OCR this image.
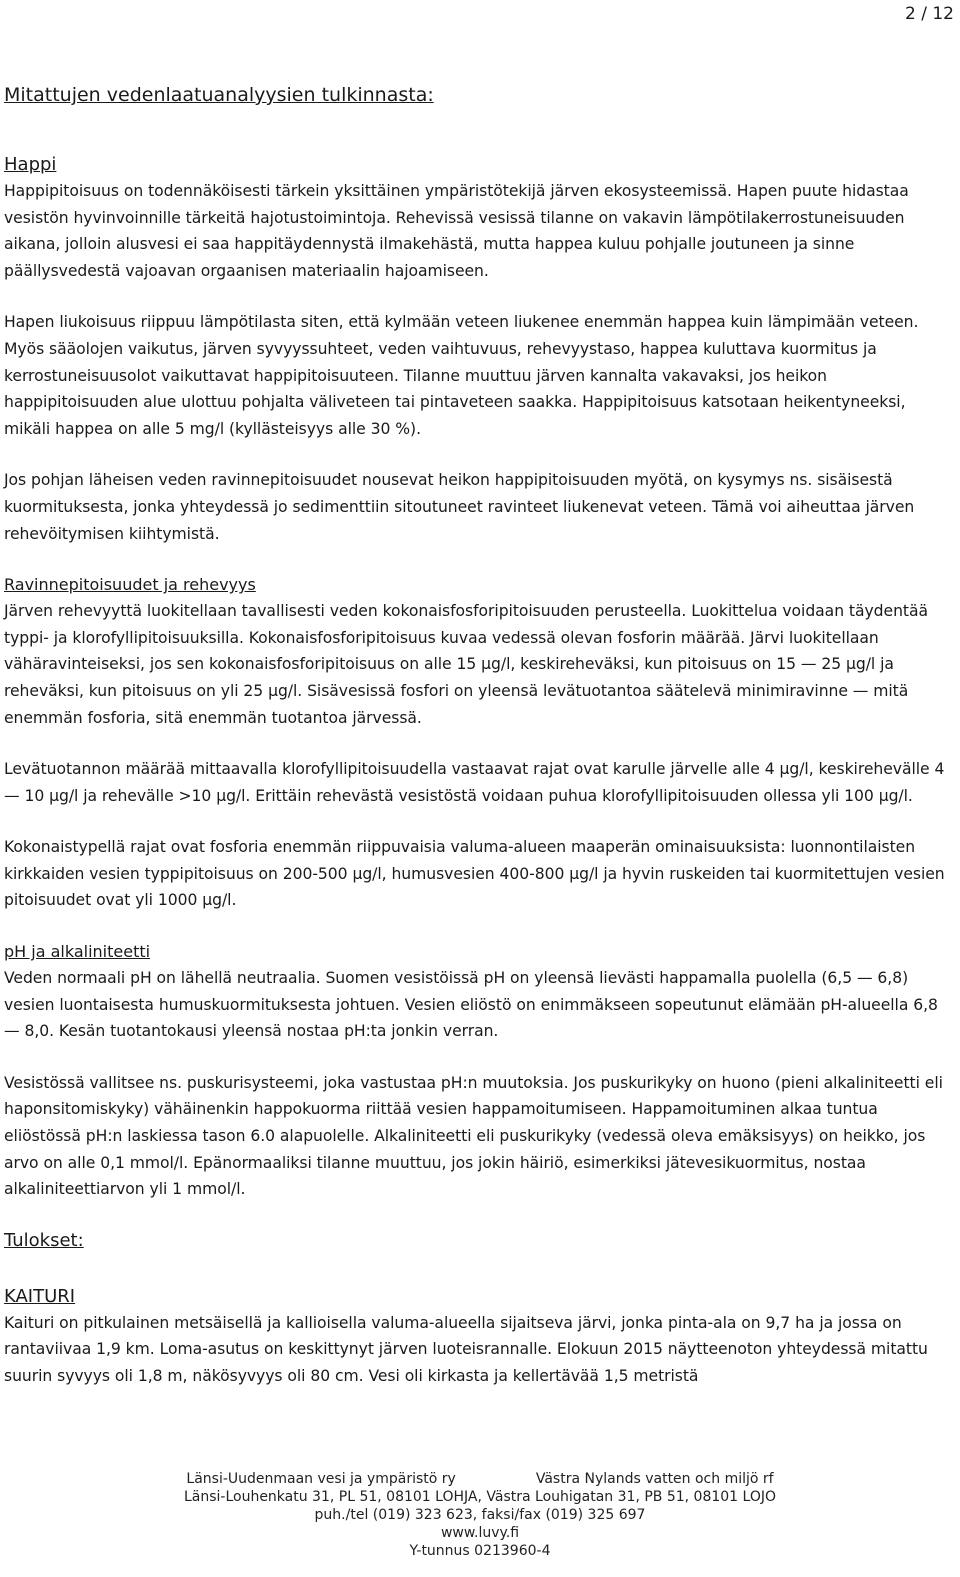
2 / 12
Mitattujen vedenlaatuanalyysien tulkinnasta:
Happi

Happipitoisuus on todennäköisesti tärkein yksittäinen ympäristötekijä järven ekosysteemissä. Hapen puute hidastaa vesistön hyvinvoinnille tärkeitä hajotustoimintoja. Rehevissä vesissä tilanne on vakavin lämpötilakerrostuneisuuden aikana, jolloin alusvesi ei saa happitäydennystä ilmakehästä, mutta happea kuluu pohjalle joutuneen ja sinne päällysvedestä vajoavan orgaanisen materiaalin hajoamiseen.

Hapen liukoisuus riippuu lämpötilasta siten, että kylmään veteen liukenee enemmän happea kuin lämpimään veteen. Myös sääolojen vaikutus, järven syvyyssuhteet, veden vaihtuvuus, rehevyystaso, happea kuluttava kuormitus ja kerrostuneisuusolot vaikuttavat happipitoisuuteen. Tilanne muuttuu järven kannalta vakavaksi, jos heikon happipitoisuuden alue ulottuu pohjalta väliveteen tai pintaveteen saakka. Happipitoisuus katsotaan heikentyneeksi, mikäli happea on alle 5 mg/l (kyllästeisyys alle 30 %).

Jos pohjan läheisen veden ravinnepitoisuudet nousevat heikon happipitoisuuden myötä, on kysymys ns. sisäisestä kuormituksesta, jonka yhteydessä jo sedimenttiin sitoutuneet ravinteet liukenevat veteen. Tämä voi aiheuttaa järven rehevöitymisen kiihtymistä.

Ravinnepitoisuudet ja rehevyys

Järven rehevyyttä luokitellaan tavallisesti veden kokonaisfosforipitoisuuden perusteella. Luokittelua voidaan täydentää typpi- ja klorofyllipitoisuuksilla. Kokonaisfosforipitoisuus kuvaa vedessä olevan fosforin määrää. Järvi luokitellaan vähäravinteiseksi, jos sen kokonaisfosforipitoisuus on alle 15 µg/l, keskireheväksi, kun pitoisuus on 15 — 25 µg/l ja reheväksi, kun pitoisuus on yli 25 µg/l. Sisävesissä fosfori on yleensä levätuotantoa säätelevä minimiravinne — mitä enemmän fosforia, sitä enemmän tuotantoa järvessä.

Levätuotannon määrää mittaavalla klorofyllipitoisuudella vastaavat rajat ovat karulle järvelle alle 4 µg/l, keskirehevälle 4 — 10 µg/l ja rehevälle >10 µg/l. Erittäin rehevästä vesistöstä voidaan puhua klorofyllipitoisuuden ollessa yli 100 µg/l.

Kokonaistypellä rajat ovat fosforia enemmän riippuvaisia valuma-alueen maaperän ominaisuuksista: luonnontilaisten kirkkaiden vesien typpipitoisuus on 200-500 µg/l, humusvesien 400-800 µg/l ja hyvin ruskeiden tai kuormitettujen vesien pitoisuudet ovat yli 1000 µg/l.

pH ja alkaliniteetti

Veden normaali pH on lähellä neutraalia. Suomen vesistöissä pH on yleensä lievästi happamalla puolella (6,5 — 6,8) vesien luontaisesta humuskuormituksesta johtuen. Vesien eliöstö on enimmäkseen sopeutunut elämään pH-alueella 6,8 — 8,0. Kesän tuotantokausi yleensä nostaa pH:ta jonkin verran.

Vesistössä vallitsee ns. puskurisysteemi, joka vastustaa pH:n muutoksia. Jos puskurikyky on huono (pieni alkaliniteetti eli haponsitomiskyky) vähäinenkin happokuorma riittää vesien happamoitumiseen. Happamoituminen alkaa tuntua eliöstössä pH:n laskiessa tason 6.0 alapuolelle. Alkaliniteetti eli puskurikyky (vedessä oleva emäksisyys) on heikko, jos arvo on alle 0,1 mmol/l. Epänormaaliksi tilanne muuttuu, jos jokin häiriö, esimerkiksi jätevesikuormitus, nostaa alkaliniteettiarvon yli 1 mmol/l.

Tulokset:
KAITURI

Kaituri on pitkulainen metsäisellä ja kallioisella valuma-alueella sijaitseva järvi, jonka pinta-ala on 9,7 ha ja jossa on rantaviivaa 1,9 km. Loma-asutus on keskittynyt järven luoteisrannalle. Elokuun 2015 näytteenoton yhteydessä mitattu suurin syvyys oli 1,8 m, näkösyvyys oli 80 cm. Vesi oli kirkasta ja kellertävää 1,5 metristä

Länsi-Uudenmaan vesi ja ympäristö ry	Västra Nylands vatten och miljö rf
Länsi-Louhenkatu 31, PL 51, 08101 LOHJA, Västra Louhigatan 31, PB 51, 08101 LOJO
puh./tel (019) 323 623, faksi/fax (019) 325 697
www.luvy.fi
Y-tunnus 0213960-4
